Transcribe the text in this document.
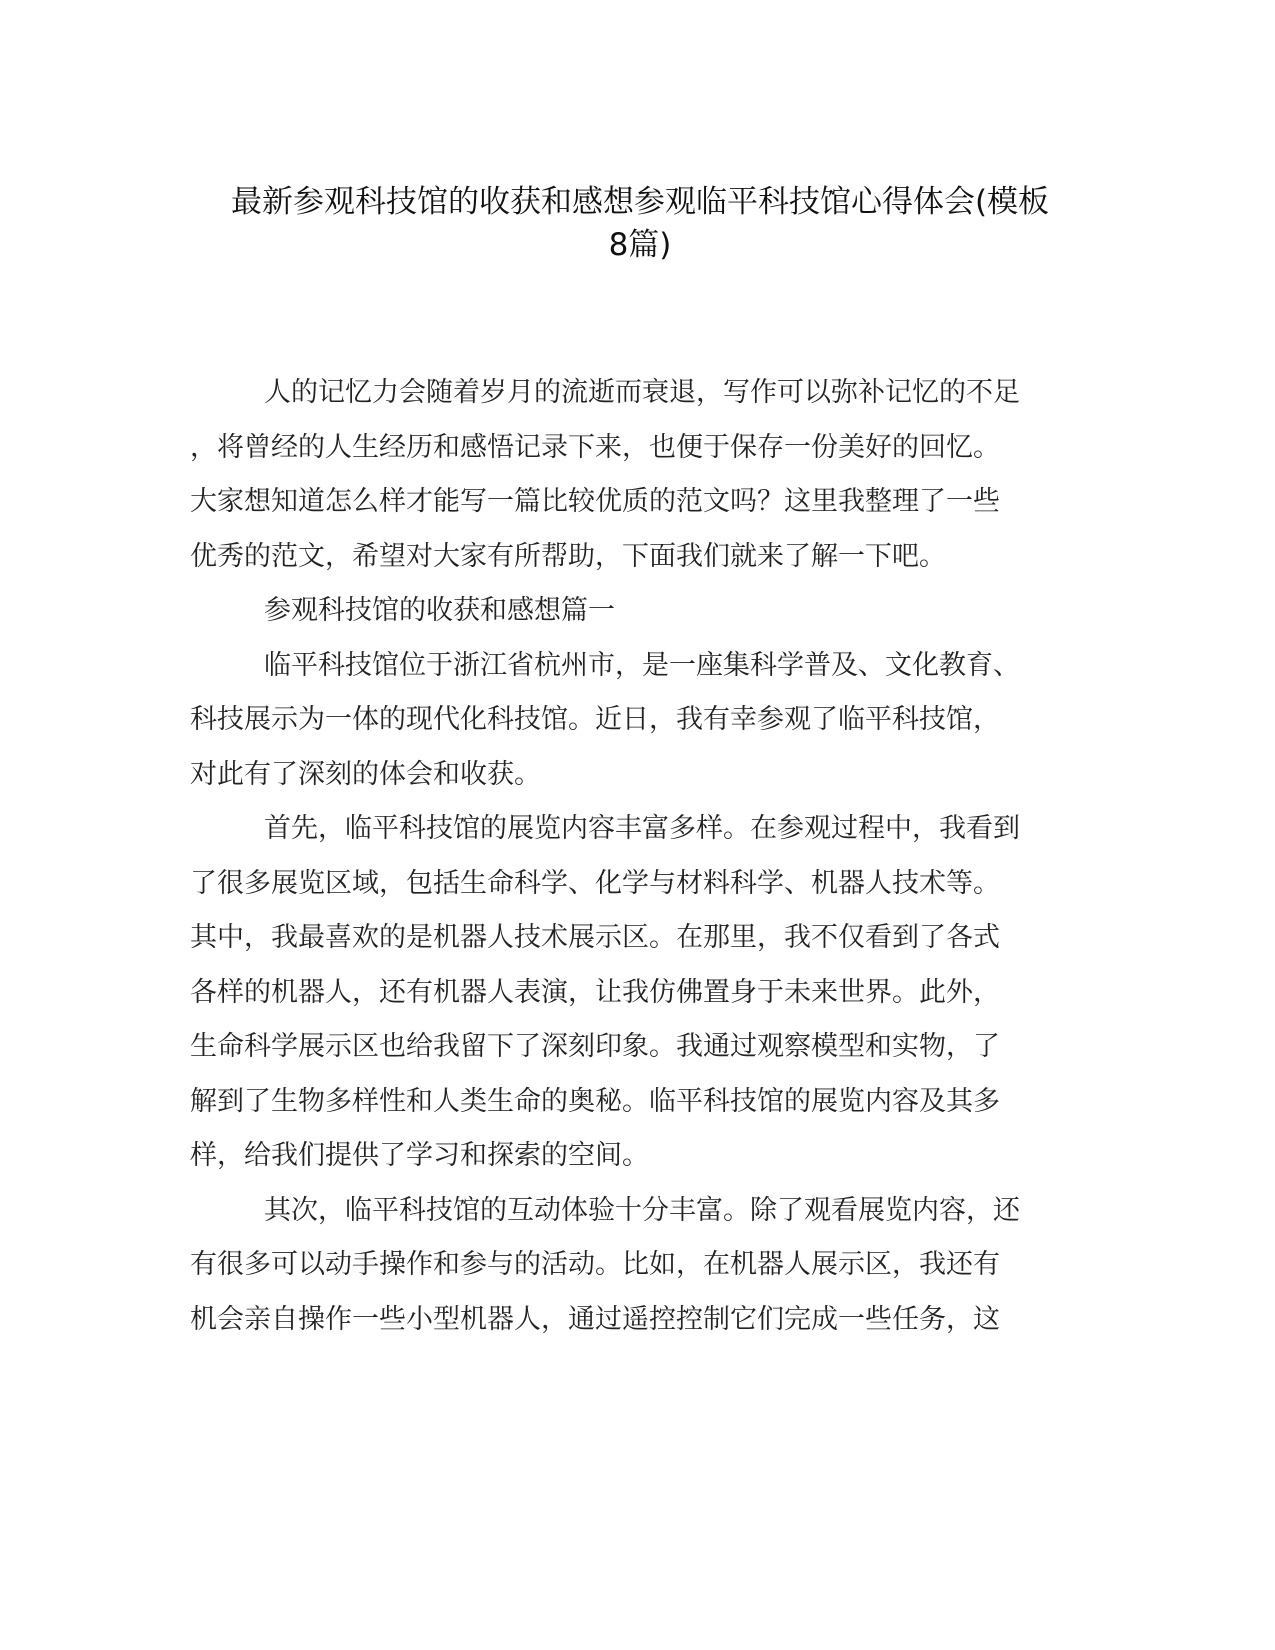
最新参观科技馆的收获和感想参观临平科技馆心得体会(模板
8篇)
人的记忆力会随着岁月的流逝而衰退，写作可以弥补记忆的不足
，将曾经的人生经历和感悟记录下来，也便于保存一份美好的回忆。
大家想知道怎么样才能写一篇比较优质的范文吗？这里我整理了一些
优秀的范文，希望对大家有所帮助，下面我们就来了解一下吧。
参观科技馆的收获和感想篇一
临平科技馆位于浙江省杭州市，是一座集科学普及、文化教育、
科技展示为一体的现代化科技馆。近日，我有幸参观了临平科技馆，
对此有了深刻的体会和收获。
首先，临平科技馆的展览内容丰富多样。在参观过程中，我看到
了很多展览区域，包括生命科学、化学与材料科学、机器人技术等。
其中，我最喜欢的是机器人技术展示区。在那里，我不仅看到了各式
各样的机器人，还有机器人表演，让我仿佛置身于未来世界。此外，
生命科学展示区也给我留下了深刻印象。我通过观察模型和实物，了
解到了生物多样性和人类生命的奥秘。临平科技馆的展览内容及其多
样，给我们提供了学习和探索的空间。
其次，临平科技馆的互动体验十分丰富。除了观看展览内容，还
有很多可以动手操作和参与的活动。比如，在机器人展示区，我还有
机会亲自操作一些小型机器人，通过遥控控制它们完成一些任务，这
